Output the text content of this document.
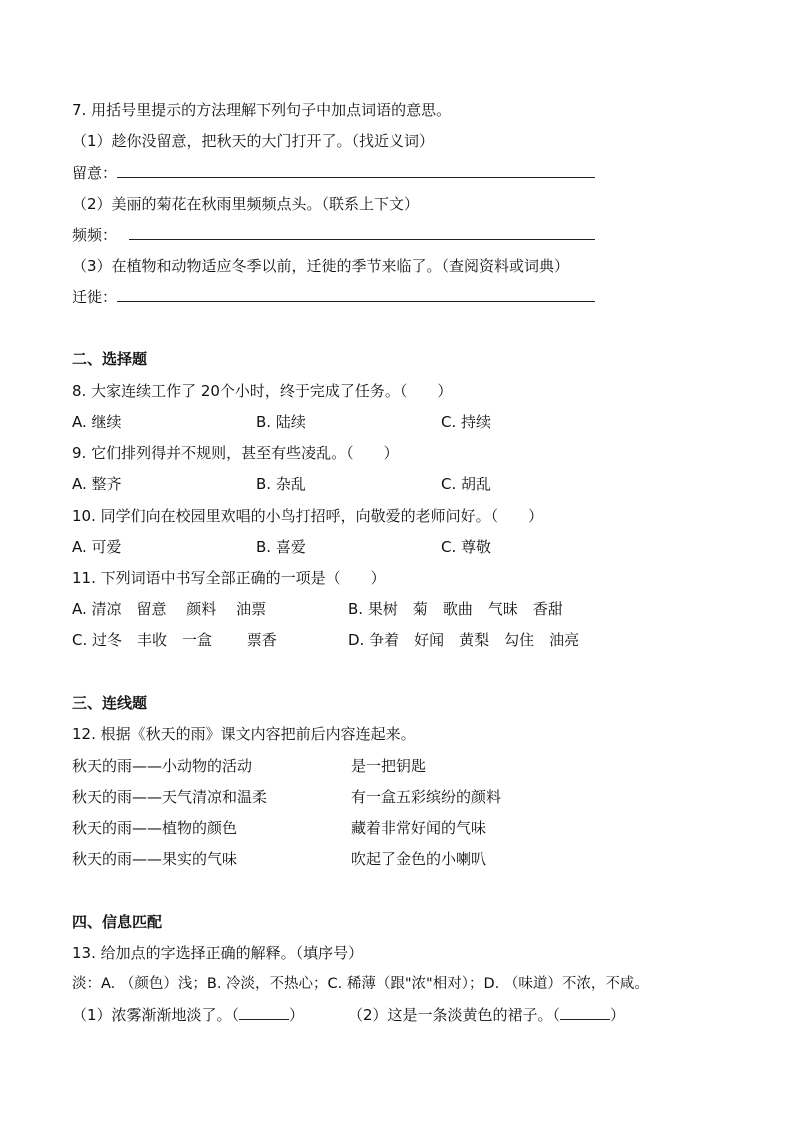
7. 用括号里提示的方法理解下列句子中加点词语的意思。
（1）趁你没留意，把秋天的大门打开了。（找近义词）
留意：
（2）美丽的菊花在秋雨里频频点头。（联系上下文）
频频：
（3）在植物和动物适应冬季以前，迁徙的季节来临了。（查阅资料或词典）
迁徙：
二、选择题
8. 大家连续工作了 20个小时，终于完成了任务。（　　）
A. 继续	B. 陆续	C. 持续
9. 它们排列得并不规则，甚至有些凌乱。（　　）
A. 整齐	B. 杂乱	C. 胡乱
10. 同学们向在校园里欢唱的小鸟打招呼，向敬爱的老师问好。（　　）
A. 可爱	B. 喜爱	C. 尊敬
11. 下列词语中书写全部正确的一项是（　　）
A. 清凉　留意　 颜料　 油票	B. 果树　菊　歌曲　气昧　香甜
C. 过冬　丰收　一盒　　 票香	D. 争着　好闻　黄梨　勾住　油亮
三、连线题
12. 根据《秋天的雨》课文内容把前后内容连起来。
秋天的雨——小动物的活动	是一把钥匙
秋天的雨——天气清凉和温柔	有一盒五彩缤纷的颜料
秋天的雨——植物的颜色	藏着非常好闻的气味
秋天的雨——果实的气味	吹起了金色的小喇叭
四、信息匹配
13. 给加点的字选择正确的解释。（填序号）
淡：A. （颜色）浅；B. 冷淡，不热心；C. 稀薄（跟"浓"相对）；D. （味道）不浓，不咸。
（1）浓雾渐渐地淡了。（	）	（2）这是一条淡黄色的裙子。（	）
